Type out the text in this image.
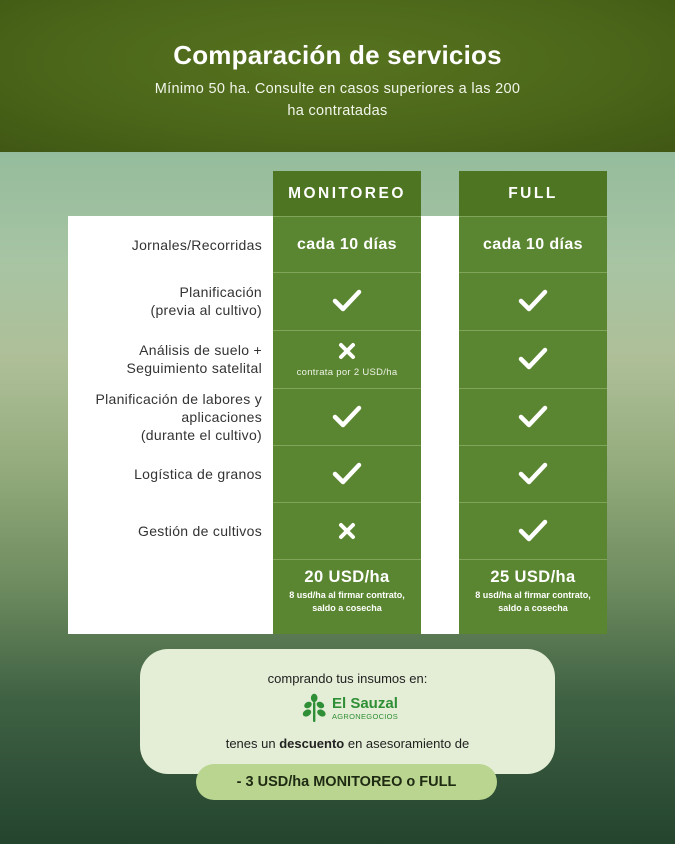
Comparación de servicios
Mínimo 50 ha. Consulte en casos superiores a las 200 ha contratadas
MONITOREO
cada 10 días
contrata por 2 USD/ha
20 USD/ha
8 usd/ha al firmar contrato, saldo a cosecha
FULL
cada 10 días
25 USD/ha
8 usd/ha al firmar contrato, saldo a cosecha
comprando tus insumos en:
El Sauzal
AGRONEGOCIOS
tenes un descuento en asesoramiento de
- 3 USD/ha MONITOREO o FULL
Jornales/Recorridas
Planificación
(previa al cultivo)
Análisis de suelo +
Seguimiento satelital
Planificación de labores y
aplicaciones
(durante el cultivo)
Logística de granos
Gestión de cultivos
